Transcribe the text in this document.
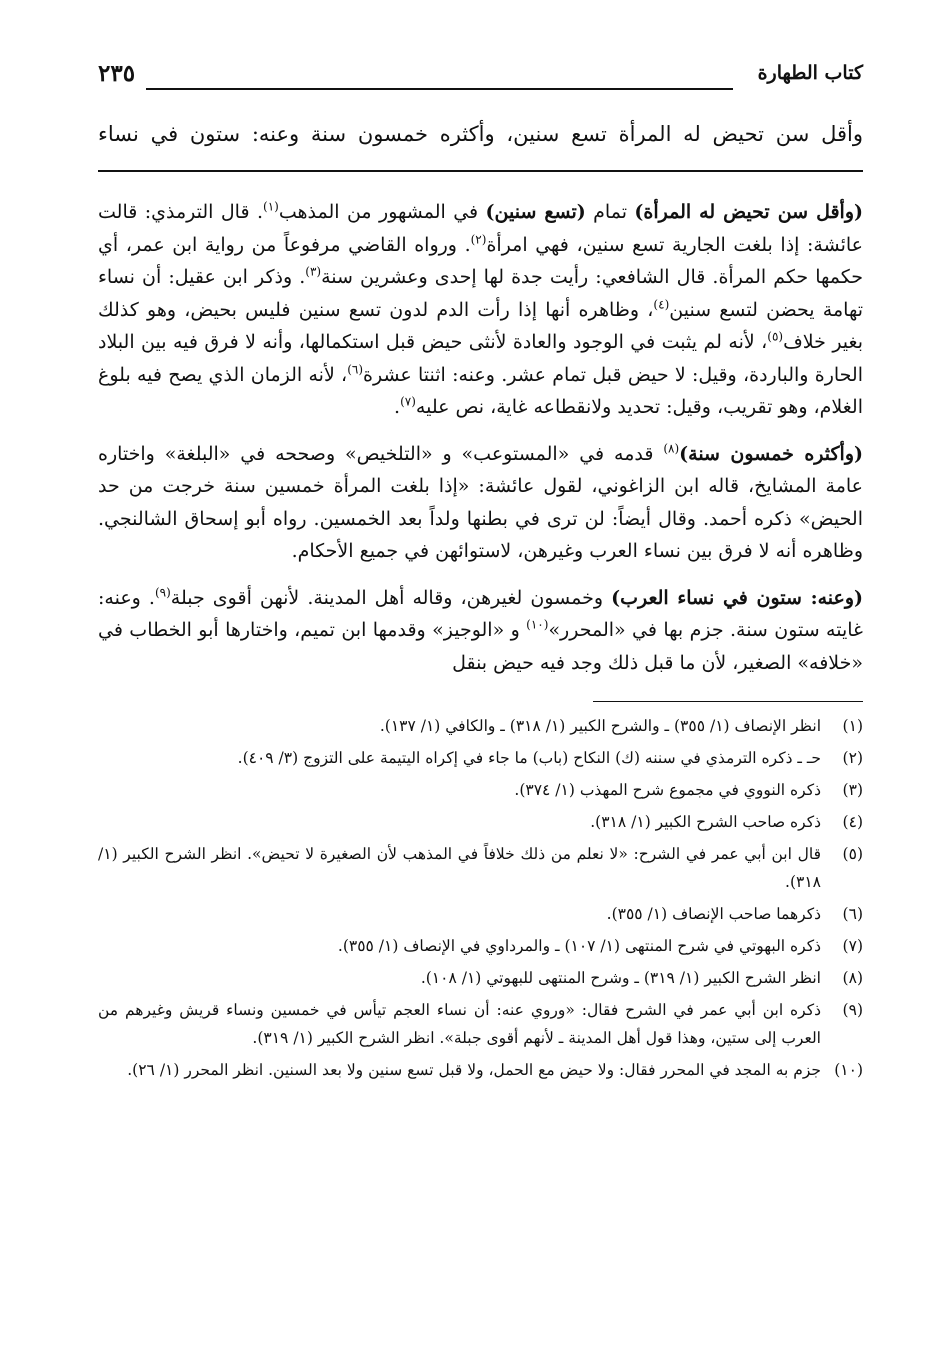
كتاب الطهارة
٢٣٥
وأقل سن تحيض له المرأة تسع سنين، وأكثره خمسون سنة وعنه: ستون في نساء

(وأقل سن تحيض له المرأة) تمام (تسع سنين) في المشهور من المذهب$^{(١)}$. قال الترمذي: قالت عائشة: إذا بلغت الجارية تسع سنين، فهي امرأة$^{(٢)}$. ورواه القاضي مرفوعاً من رواية ابن عمر، أي حكمها حكم المرأة. قال الشافعي: رأيت جدة لها إحدى وعشرين سنة$^{(٣)}$. وذكر ابن عقيل: أن نساء تهامة يحضن لتسع سنين$^{(٤)}$، وظاهره أنها إذا رأت الدم لدون تسع سنين فليس بحيض، وهو كذلك بغير خلاف$^{(٥)}$، لأنه لم يثبت في الوجود والعادة لأنثى حيض قبل استكمالها، وأنه لا فرق فيه بين البلاد الحارة والباردة، وقيل: لا حيض قبل تمام عشر. وعنه: اثنتا عشرة$^{(٦)}$، لأنه الزمان الذي يصح فيه بلوغ الغلام، وهو تقريب، وقيل: تحديد ولانقطاعه غاية، نص عليه$^{(٧)}$.

(وأكثره خمسون سنة)$^{(٨)}$ قدمه في «المستوعب» و «التلخيص» وصححه في «البلغة» واختاره عامة المشايخ، قاله ابن الزاغوني، لقول عائشة: «إذا بلغت المرأة خمسين سنة خرجت من حد الحيض» ذكره أحمد. وقال أيضاً: لن ترى في بطنها ولداً بعد الخمسين. رواه أبو إسحاق الشالنجي. وظاهره أنه لا فرق بين نساء العرب وغيرهن، لاستوائهن في جميع الأحكام.

(وعنه: ستون في نساء العرب) وخمسون لغيرهن، وقاله أهل المدينة. لأنهن أقوى جبلة$^{(٩)}$. وعنه: غايته ستون سنة. جزم بها في «المحرر»$^{(١٠)}$ و «الوجيز» وقدمها ابن تميم، واختارها أبو الخطاب في «خلافه» الصغير، لأن ما قبل ذلك وجد فيه حيض بنقل

(١)
انظر الإنصاف (١/ ٣٥٥) ـ والشرح الكبير (١/ ٣١٨) ـ والكافي (١/ ١٣٧).
(٢)
حـ ـ ذكره الترمذي في سننه (ك) النكاح (باب) ما جاء في إكراه اليتيمة على التزوج (٣/ ٤٠٩).
(٣)
ذكره النووي في مجموع شرح المهذب (١/ ٣٧٤).
(٤)
ذكره صاحب الشرح الكبير (١/ ٣١٨).
(٥)
قال ابن أبي عمر في الشرح: «لا نعلم من ذلك خلافاً في المذهب لأن الصغيرة لا تحيض». انظر الشرح الكبير (١/ ٣١٨).
(٦)
ذكرهما صاحب الإنصاف (١/ ٣٥٥).
(٧)
ذكره البهوتي في شرح المنتهى (١/ ١٠٧) ـ والمرداوي في الإنصاف (١/ ٣٥٥).
(٨)
انظر الشرح الكبير (١/ ٣١٩) ـ وشرح المنتهى للبهوتي (١/ ١٠٨).
(٩)
ذكره ابن أبي عمر في الشرح فقال: «وروي عنه: أن نساء العجم تيأس في خمسين ونساء قريش وغيرهم من العرب إلى ستين، وهذا قول أهل المدينة ـ لأنهم أقوى جبلة». انظر الشرح الكبير (١/ ٣١٩).
(١٠)
جزم به المجد في المحرر فقال: ولا حيض مع الحمل، ولا قبل تسع سنين ولا بعد السنين. انظر المحرر (١/ ٢٦).
